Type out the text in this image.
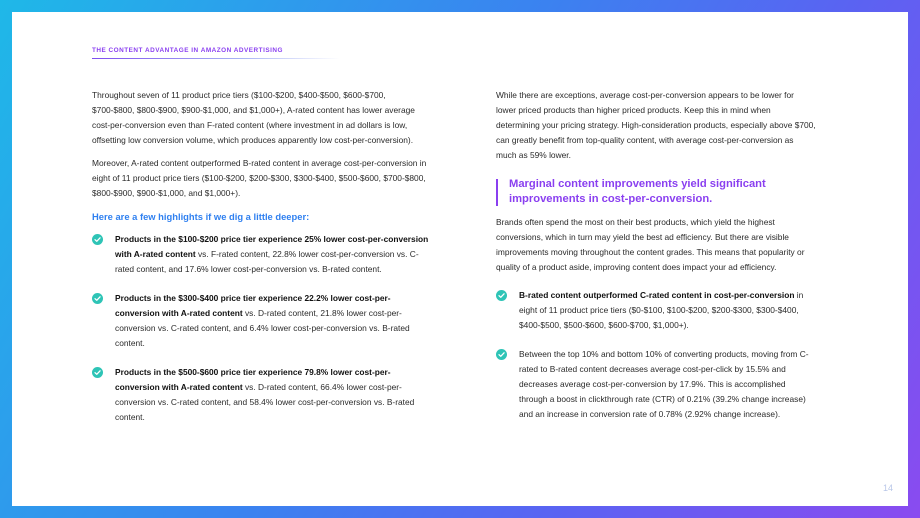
THE CONTENT ADVANTAGE IN AMAZON ADVERTISING

Throughout seven of 11 product price tiers ($100-$200, $400-$500, $600-$700, $700-$800, $800-$900, $900-$1,000, and $1,000+), A-rated content has lower average cost-per-conversion even than F-rated content (where investment in ad dollars is low, offsetting low conversion volume, which produces apparently low cost-per-conversion).

Moreover, A-rated content outperformed B-rated content in average cost-per-conversion in eight of 11 product price tiers ($100-$200, $200-$300, $300-$400, $500-$600, $700-$800, $800-$900, $900-$1,000, and $1,000+).

Here are a few highlights if we dig a little deeper:

Products in the $100-$200 price tier experience 25% lower cost-per-conversion with A-rated content vs. F-rated content, 22.8% lower cost-per-conversion vs. C-rated content, and 17.6% lower cost-per-conversion vs. B-rated content.

Products in the $300-$400 price tier experience 22.2% lower cost-per-conversion with A-rated content vs. D-rated content, 21.8% lower cost-per-conversion vs. C-rated content, and 6.4% lower cost-per-conversion vs. B-rated content.

Products in the $500-$600 price tier experience 79.8% lower cost-per-conversion with A-rated content vs. D-rated content, 66.4% lower cost-per-conversion vs. C-rated content, and 58.4% lower cost-per-conversion vs. B-rated content.

While there are exceptions, average cost-per-conversion appears to be lower for lower priced products than higher priced products. Keep this in mind when determining your pricing strategy. High-consideration products, especially above $700, can greatly benefit from top-quality content, with average cost-per-conversion as much as 59% lower.

Marginal content improvements yield significant improvements in cost-per-conversion.

Brands often spend the most on their best products, which yield the highest conversions, which in turn may yield the best ad efficiency. But there are visible improvements moving throughout the content grades. This means that popularity or quality of a product aside, improving content does impact your ad efficiency.

B-rated content outperformed C-rated content in cost-per-conversion in eight of 11 product price tiers ($0-$100, $100-$200, $200-$300, $300-$400, $400-$500, $500-$600, $600-$700, $1,000+).

Between the top 10% and bottom 10% of converting products, moving from C-rated to B-rated content decreases average cost-per-click by 15.5% and decreases average cost-per-conversion by 17.9%. This is accomplished through a boost in clickthrough rate (CTR) of 0.21% (39.2% change increase) and an increase in conversion rate of 0.78% (2.92% change increase).

14
